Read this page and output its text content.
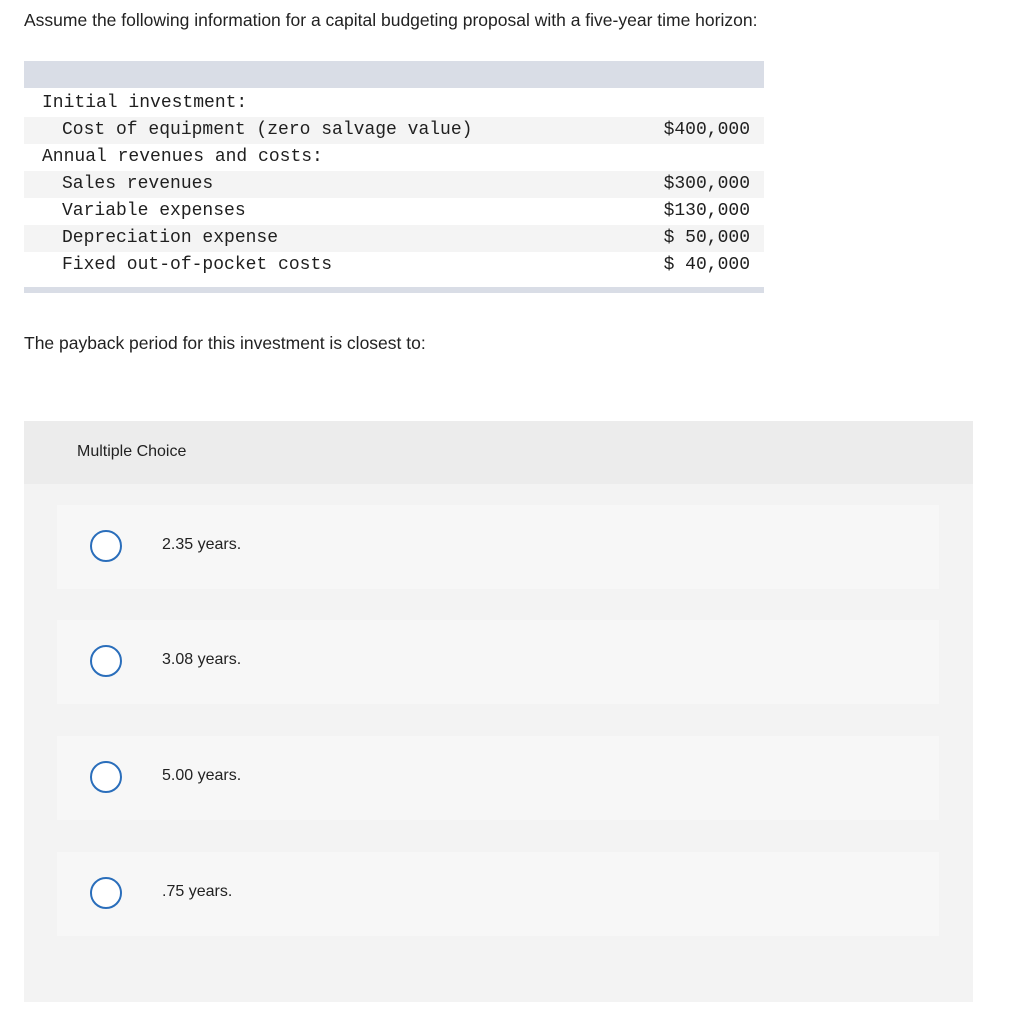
Assume the following information for a capital budgeting proposal with a five-year time horizon:
Initial investment:
Cost of equipment (zero salvage value)	$400,000
Annual revenues and costs:
Sales revenues	$300,000
Variable expenses	$130,000
Depreciation expense	$ 50,000
Fixed out-of-pocket costs	$ 40,000
The payback period for this investment is closest to:
Multiple Choice
2.35 years.
3.08 years.
5.00 years.
.75 years.
